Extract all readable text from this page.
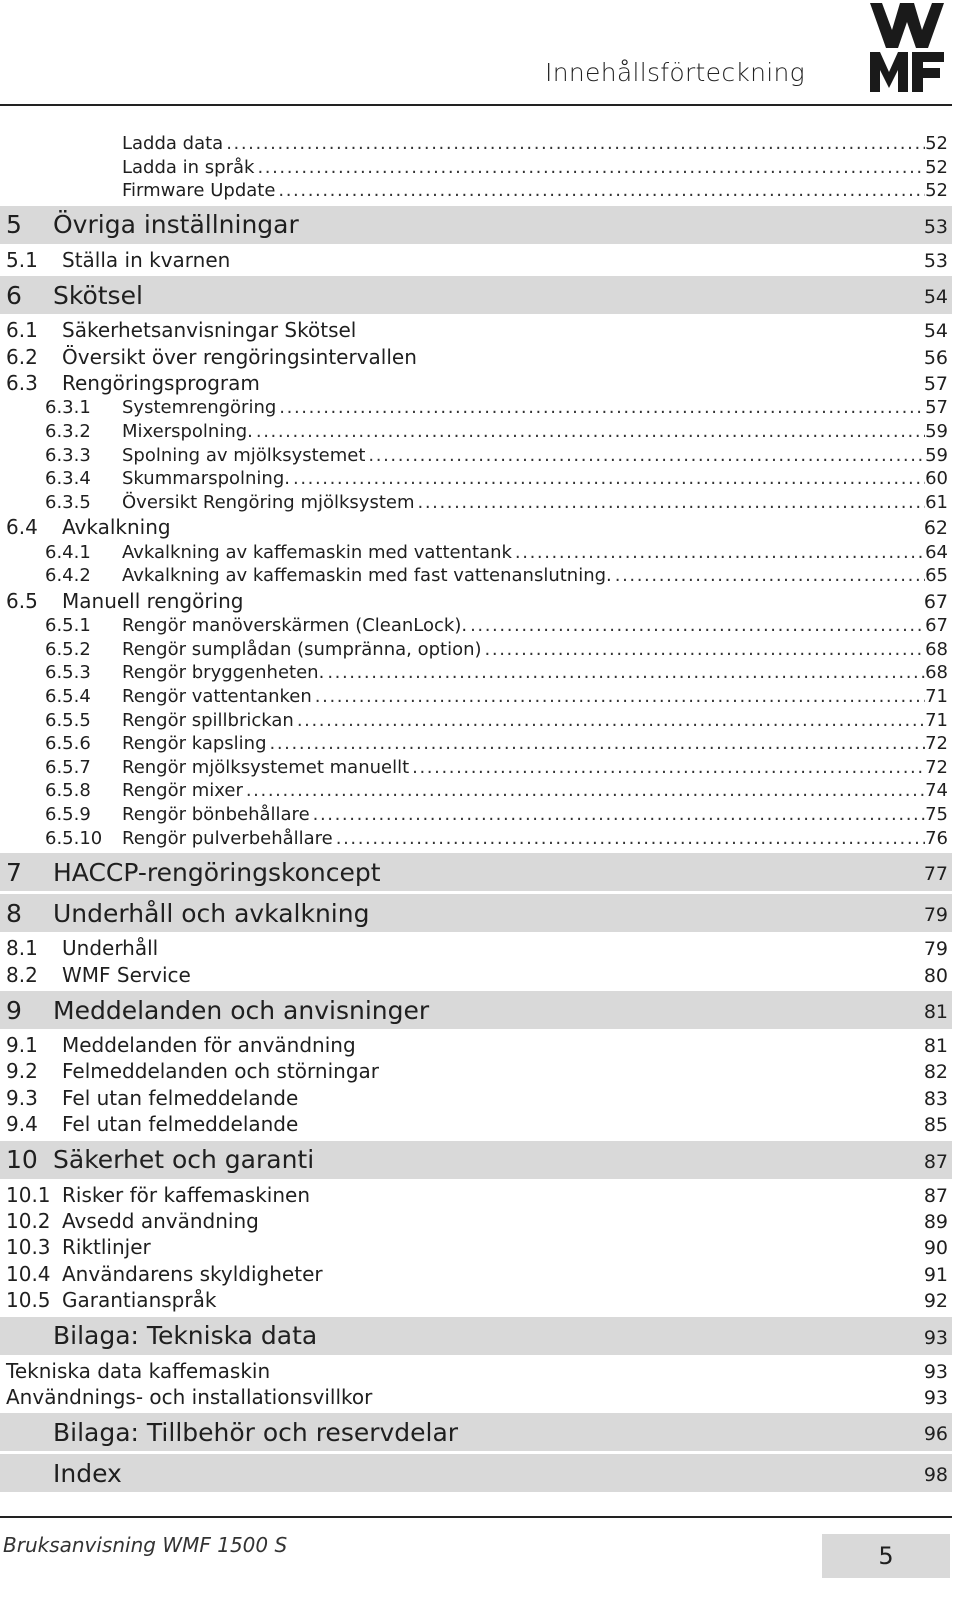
Innehållsförteckning
Ladda data .....	52
Ladda in språk .....	52
Firmware Update .....	52
5	Övriga inställningar	53
5.1	Ställa in kvarnen	53
6	Skötsel	54
6.1	Säkerhetsanvisningar Skötsel	54
6.2	Översikt över rengöringsintervallen	56
6.3	Rengöringsprogram	57
6.3.1	Systemrengöring .....	57
6.3.2	Mixerspolning. .....	59
6.3.3	Spolning av mjölksystemet .....	59
6.3.4	Skummarspolning. .....	60
6.3.5	Översikt Rengöring mjölksystem .....	61
6.4	Avkalkning	62
6.4.1	Avkalkning av kaffemaskin med vattentank .....	64
6.4.2	Avkalkning av kaffemaskin med fast vattenanslutning. .....	65
6.5	Manuell rengöring	67
6.5.1	Rengör manöverskärmen (CleanLock). .....	67
6.5.2	Rengör sumplådan (sumpränna, option) .....	68
6.5.3	Rengör bryggenheten. .....	68
6.5.4	Rengör vattentanken .....	71
6.5.5	Rengör spillbrickan .....	71
6.5.6	Rengör kapsling .....	72
6.5.7	Rengör mjölksystemet manuellt .....	72
6.5.8	Rengör mixer .....	74
6.5.9	Rengör bönbehållare .....	75
6.5.10	Rengör pulverbehållare .....	76
7	HACCP-rengöringskoncept	77
8	Underhåll och avkalkning	79
8.1	Underhåll	79
8.2	WMF Service	80
9	Meddelanden och anvisninger	81
9.1	Meddelanden för användning	81
9.2	Felmeddelanden och störningar	82
9.3	Fel utan felmeddelande	83
9.4	Fel utan felmeddelande	85
10 Säkerhet och garanti	87
10.1 Risker för kaffemaskinen	87
10.2 Avsedd användning	89
10.3 Riktlinjer	90
10.4 Användarens skyldigheter	91
10.5 Garantianspråk	92
Bilaga: Tekniska data	93
Tekniska data kaffemaskin	93
Användnings- och installationsvillkor	93
Bilaga: Tillbehör och reservdelar	96
Index	98
Bruksanvisning WMF 1500 S	5
